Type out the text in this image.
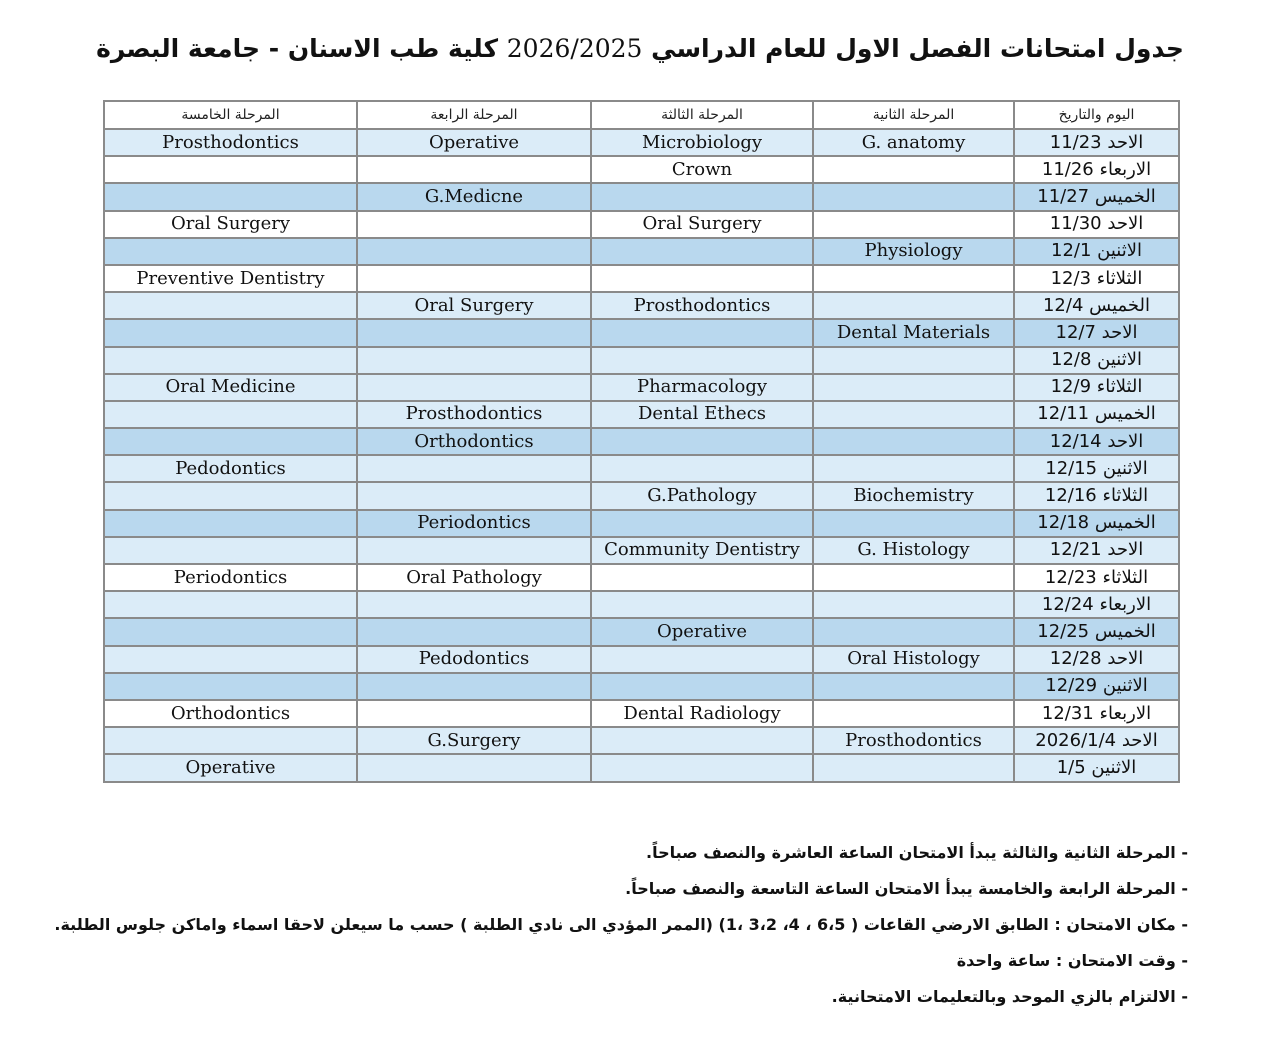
جدول امتحانات الفصل الاول للعام الدراسي 2026/2025 كلية طب الاسنان - جامعة البصرة
اليوم والتاريخ	المرحلة الثانية	المرحلة الثالثة	المرحلة الرابعة	المرحلة الخامسة
الاحد 11/23	G. anatomy	Microbiology	Operative	Prosthodontics
الاربعاء 11/26		Crown		
الخميس 11/27			G.Medicne	
الاحد 11/30		Oral Surgery		Oral Surgery
الاثنين 12/1	Physiology			
الثلاثاء 12/3				Preventive Dentistry
الخميس 12/4		Prosthodontics	Oral Surgery	
الاحد 12/7	Dental Materials			
الاثنين 12/8				
الثلاثاء 12/9		Pharmacology		Oral Medicine
الخميس 12/11		Dental Ethecs	Prosthodontics	
الاحد 12/14			Orthodontics	
الاثنين 12/15				Pedodontics
الثلاثاء 12/16	Biochemistry	G.Pathology		
الخميس 12/18			Periodontics	
الاحد 12/21	G. Histology	Community Dentistry		
الثلاثاء 12/23			Oral Pathology	Periodontics
الاربعاء 12/24				
الخميس 12/25		Operative		
الاحد 12/28	Oral Histology		Pedodontics	
الاثنين 12/29				
الاربعاء 12/31		Dental Radiology		Orthodontics
الاحد 2026/1/4	Prosthodontics		G.Surgery	
الاثنين 1/5				Operative
- المرحلة الثانية والثالثة يبدأ الامتحان الساعة العاشرة والنصف صباحاً.
- المرحلة الرابعة والخامسة يبدأ الامتحان الساعة التاسعة والنصف صباحاً.
- مكان الامتحان : الطابق الارضي القاعات ( 6،5 ، 4، 3،2 ،1) (الممر المؤدي الى نادي الطلبة ) حسب ما سيعلن لاحقا اسماء واماكن جلوس الطلبة.
- وقت الامتحان : ساعة واحدة
- الالتزام بالزي الموحد وبالتعليمات الامتحانية.
